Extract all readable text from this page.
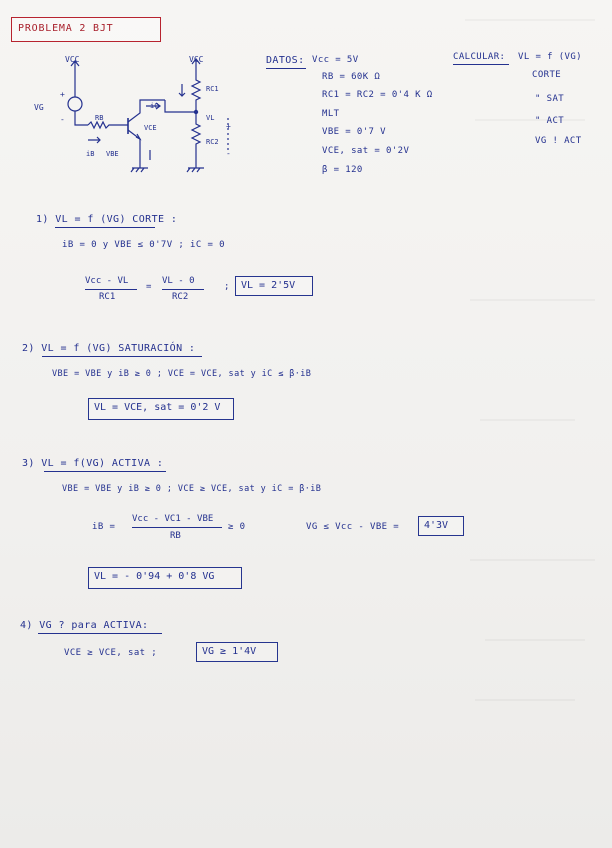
PROBLEMA 2 BJT
VCC	VCC
VG
+
-	RB
iB VBE
iC
VCE
RC1
RC2
VL
+
-
DATOS: Vcc = 5V
RB = 60K Ω
RC1 = RC2 = 0'4 K Ω
MLT
VBE = 0'7 V
VCE, sat = 0'2V
β = 120
CALCULAR: VL = f (VG)
CORTE
" SAT
" ACT
VG ! ACT
1) VL = f (VG) CORTE :
iB = 0 y VBE ≤ 0'7V ; iC = 0
Vcc - VL
RC1
=
VL - 0
RC2
; VL = 2'5V
2) VL = f (VG) SATURACIÓN :
VBE = VBE y iB ≥ 0 ; VCE = VCE, sat y iC ≤ β·iB
VL = VCE, sat = 0'2 V
3) VL = f(VG) ACTIVA :
VBE = VBE y iB ≥ 0 ; VCE ≥ VCE, sat y iC = β·iB
iB =
Vcc - VC1 - VBE
RB
≥ 0	VG ≤ Vcc - VBE = 4'3V
VL = - 0'94 + 0'8 VG
4) VG ? para ACTIVA:
VCE ≥ VCE, sat ;	VG ≥ 1'4V
